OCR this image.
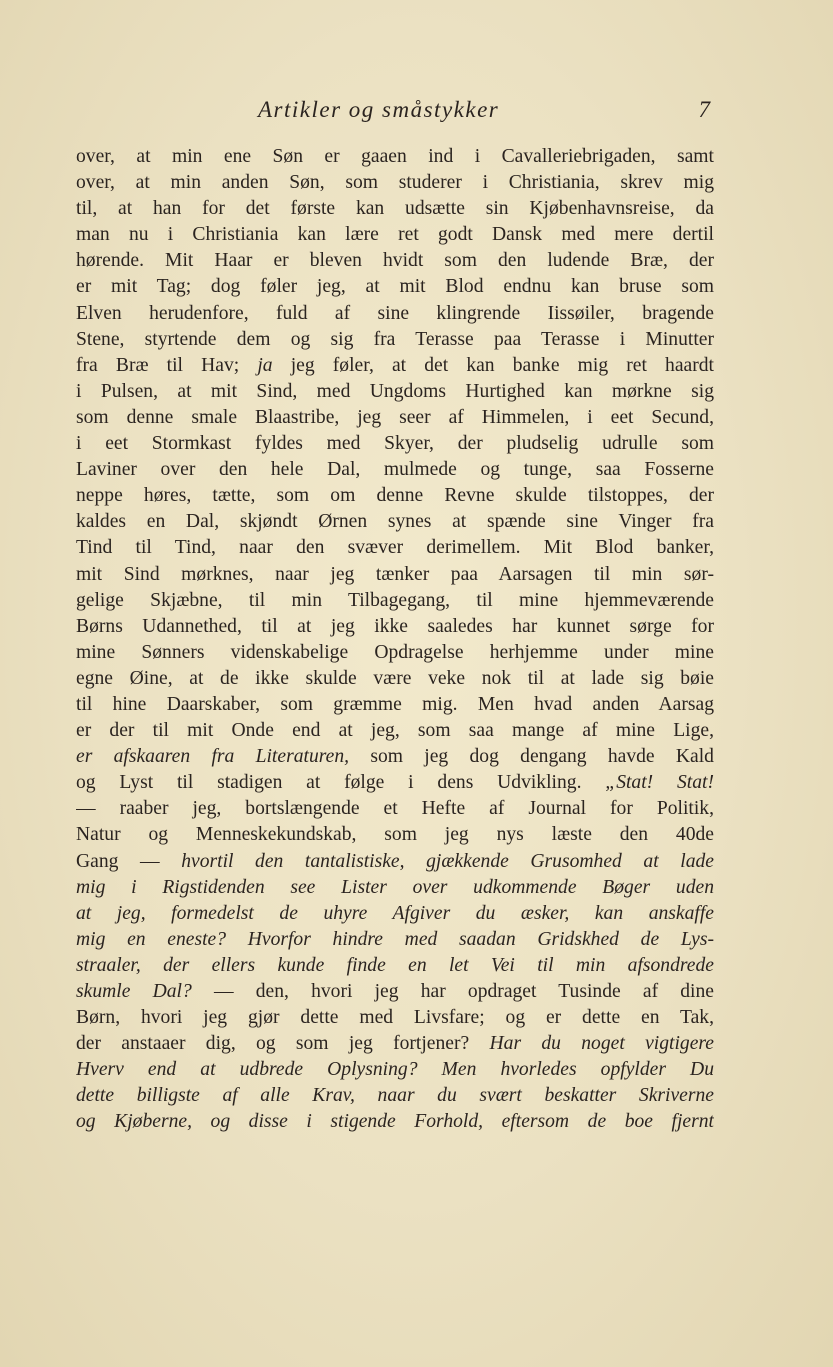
Artikler og småstykker	7
over, at min ene Søn er gaaen ind i Cavalleriebrigaden, samt
over, at min anden Søn, som studerer i Christiania, skrev mig
til, at han for det første kan udsætte sin Kjøbenhavnsreise, da
man nu i Christiania kan lære ret godt Dansk med mere dertil
hørende. Mit Haar er bleven hvidt som den ludende Bræ, der
er mit Tag; dog føler jeg, at mit Blod endnu kan bruse som
Elven herudenfore, fuld af sine klingrende Iissøiler, bragende
Stene, styrtende dem og sig fra Terasse paa Terasse i Minutter
fra Bræ til Hav; ja jeg føler, at det kan banke mig ret haardt
i Pulsen, at mit Sind, med Ungdoms Hurtighed kan mørkne sig
som denne smale Blaastribe, jeg seer af Himmelen, i eet Secund,
i eet Stormkast fyldes med Skyer, der pludselig udrulle som
Laviner over den hele Dal, mulmede og tunge, saa Fosserne
neppe høres, tætte, som om denne Revne skulde tilstoppes, der
kaldes en Dal, skjøndt Ørnen synes at spænde sine Vinger fra
Tind til Tind, naar den svæver derimellem. Mit Blod banker,
mit Sind mørknes, naar jeg tænker paa Aarsagen til min sør-
gelige Skjæbne, til min Tilbagegang, til mine hjemmeværende
Børns Udannethed, til at jeg ikke saaledes har kunnet sørge for
mine Sønners videnskabelige Opdragelse herhjemme under mine
egne Øine, at de ikke skulde være veke nok til at lade sig bøie
til hine Daarskaber, som græmme mig. Men hvad anden Aarsag
er der til mit Onde end at jeg, som saa mange af mine Lige,
er afskaaren fra Literaturen, som jeg dog dengang havde Kald
og Lyst til stadigen at følge i dens Udvikling. „Stat! Stat!
— raaber jeg, bortslængende et Hefte af Journal for Politik,
Natur og Menneskekundskab, som jeg nys læste den 40de
Gang — hvortil den tantalistiske, gjækkende Grusomhed at lade
mig i Rigstidenden see Lister over udkommende Bøger uden
at jeg, formedelst de uhyre Afgiver du æsker, kan anskaffe
mig en eneste? Hvorfor hindre med saadan Gridskhed de Lys-
straaler, der ellers kunde finde en let Vei til min afsondrede
skumle Dal? — den, hvori jeg har opdraget Tusinde af dine
Børn, hvori jeg gjør dette med Livsfare; og er dette en Tak,
der anstaaer dig, og som jeg fortjener? Har du noget vigtigere
Hverv end at udbrede Oplysning? Men hvorledes opfylder Du
dette billigste af alle Krav, naar du svært beskatter Skriverne
og Kjøberne, og disse i stigende Forhold, eftersom de boe fjernt
